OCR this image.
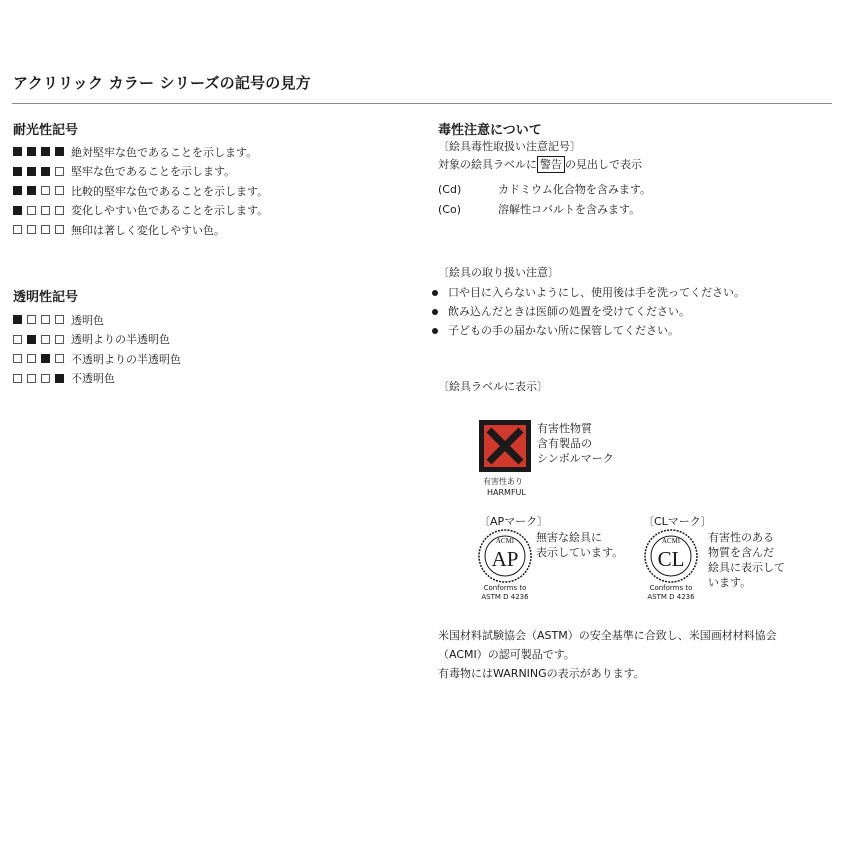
アクリリック カラー シリーズの記号の見方
耐光性記号
絶対堅牢な色であることを示します。
堅牢な色であることを示します。
比較的堅牢な色であることを示します。
変化しやすい色であることを示します。
無印は著しく変化しやすい色。
透明性記号
透明色
透明よりの半透明色
不透明よりの半透明色
不透明色
毒性注意について
〔絵具毒性取扱い注意記号〕
対象の絵具ラベルに 警告 の見出しで表示
(Cd)	カドミウム化合物を含みます。
(Co)	溶解性コバルトを含みます。
〔絵具の取り扱い注意〕
口や目に入らないようにし、使用後は手を洗ってください。
飲み込んだときは医師の処置を受けてください。
子どもの手の届かない所に保管してください。
〔絵具ラベルに表示〕
有害性物質
含有製品の
シンボルマーク
有害性あり
HARMFUL
〔APマーク〕
ACMI
AP
無害な絵具に
表示しています。
Conforms to
ASTM D 4236
〔CLマーク〕
ACMI
CL
有害性のある
物質を含んだ
絵具に表示して
います。
Conforms to
ASTM D 4236
米国材料試験協会（ASTM）の安全基準に合致し、米国画材材料協会
（ACMI）の認可製品です。
有毒物にはWARNINGの表示があります。
